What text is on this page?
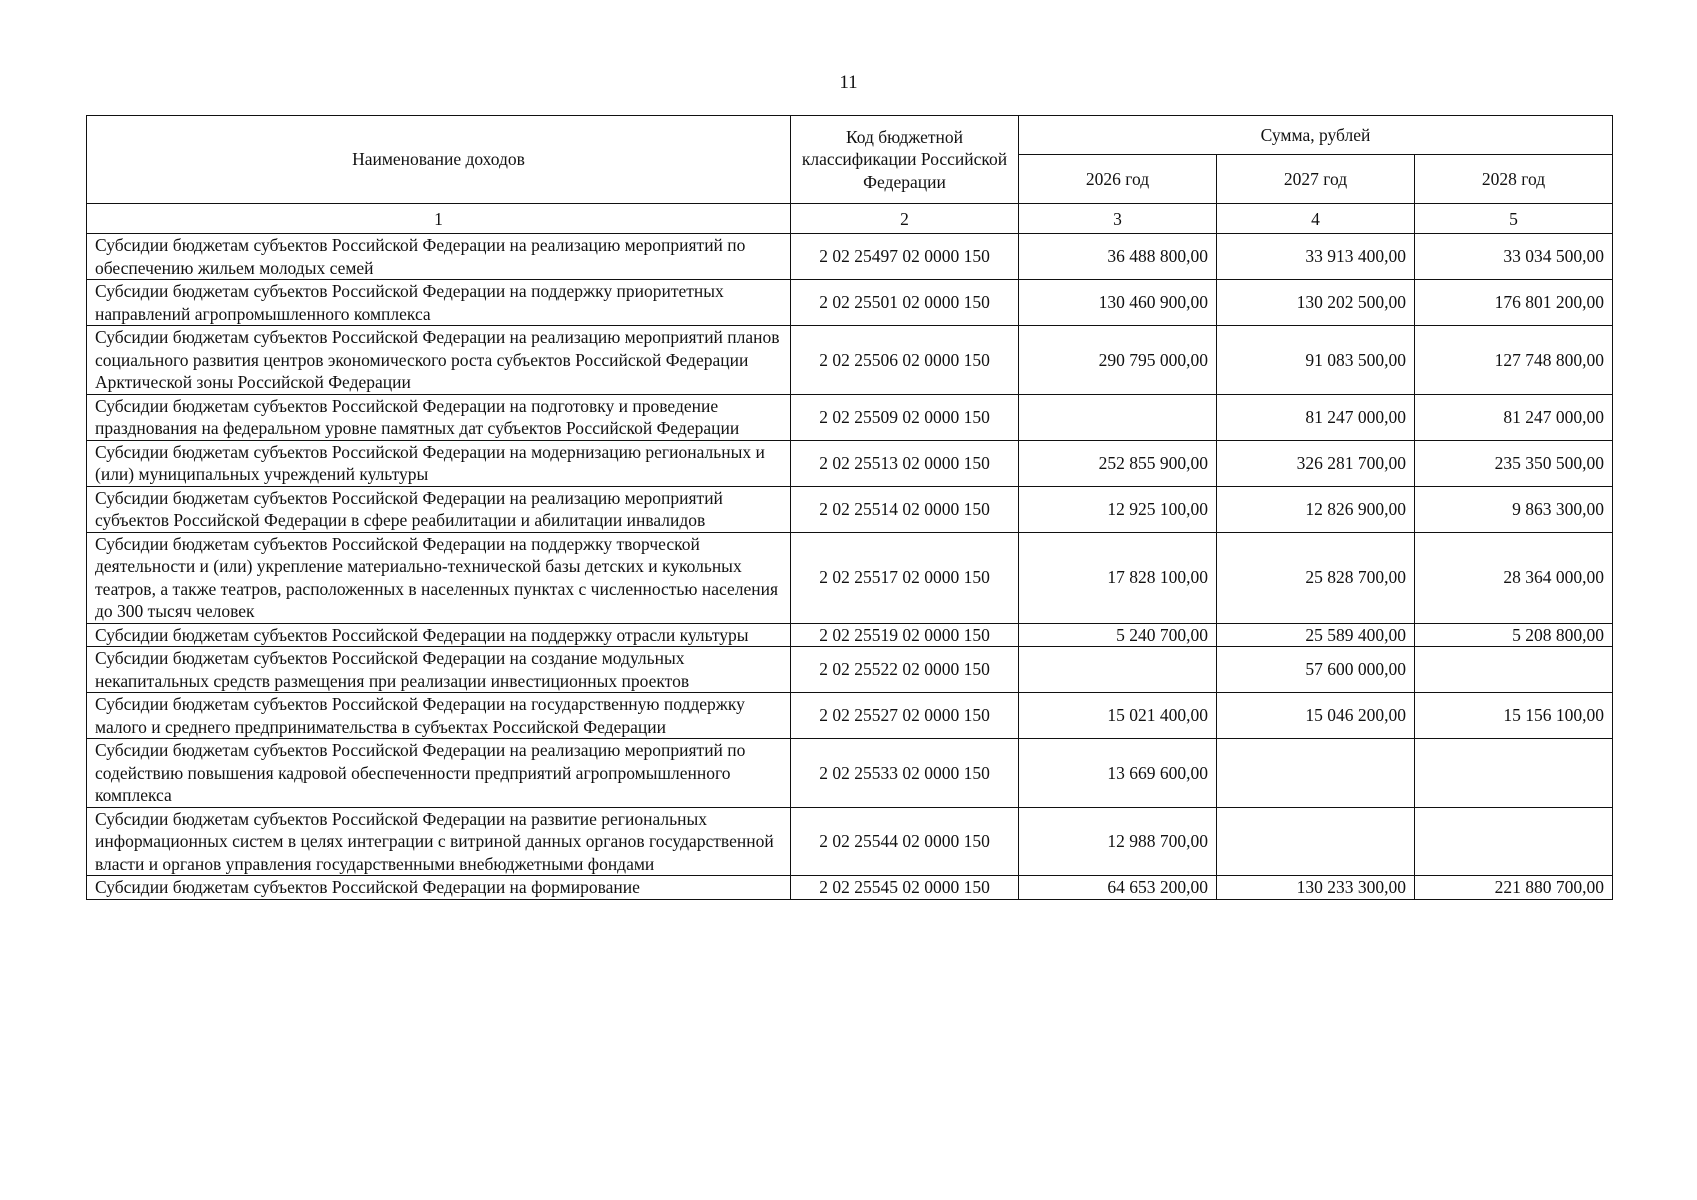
11
Наименование доходов	Код бюджетной классификации Российской Федерации	Сумма, рублей		
		2026 год	2027 год	2028 год
1	2	3	4	5
Субсидии бюджетам субъектов Российской Федерации на реализацию мероприятий по обеспечению жильем молодых семей	2 02 25497 02 0000 150	36 488 800,00	33 913 400,00	33 034 500,00
Субсидии бюджетам субъектов Российской Федерации на поддержку приоритетных направлений агропромышленного комплекса	2 02 25501 02 0000 150	130 460 900,00	130 202 500,00	176 801 200,00
Субсидии бюджетам субъектов Российской Федерации на реализацию мероприятий планов социального развития центров экономического роста субъектов Российской Федерации Арктической зоны Российской Федерации	2 02 25506 02 0000 150	290 795 000,00	91 083 500,00	127 748 800,00
Субсидии бюджетам субъектов Российской Федерации на подготовку и проведение празднования на федеральном уровне памятных дат субъектов Российской Федерации	2 02 25509 02 0000 150		81 247 000,00	81 247 000,00
Субсидии бюджетам субъектов Российской Федерации на модернизацию региональных и (или) муниципальных учреждений культуры	2 02 25513 02 0000 150	252 855 900,00	326 281 700,00	235 350 500,00
Субсидии бюджетам субъектов Российской Федерации на реализацию мероприятий субъектов Российской Федерации в сфере реабилитации и абилитации инвалидов	2 02 25514 02 0000 150	12 925 100,00	12 826 900,00	9 863 300,00
Субсидии бюджетам субъектов Российской Федерации на поддержку творческой деятельности и (или) укрепление материально-технической базы детских и кукольных театров, а также театров, расположенных в населенных пунктах с численностью населения до 300 тысяч человек	2 02 25517 02 0000 150	17 828 100,00	25 828 700,00	28 364 000,00
Субсидии бюджетам субъектов Российской Федерации на поддержку отрасли культуры	2 02 25519 02 0000 150	5 240 700,00	25 589 400,00	5 208 800,00
Субсидии бюджетам субъектов Российской Федерации на создание модульных некапитальных средств размещения при реализации инвестиционных проектов	2 02 25522 02 0000 150		57 600 000,00	
Субсидии бюджетам субъектов Российской Федерации на государственную поддержку малого и среднего предпринимательства в субъектах Российской Федерации	2 02 25527 02 0000 150	15 021 400,00	15 046 200,00	15 156 100,00
Субсидии бюджетам субъектов Российской Федерации на реализацию мероприятий по содействию повышения кадровой обеспеченности предприятий агропромышленного комплекса	2 02 25533 02 0000 150	13 669 600,00		
Субсидии бюджетам субъектов Российской Федерации на развитие региональных информационных систем в целях интеграции с витриной данных органов государственной власти и органов управления государственными внебюджетными фондами	2 02 25544 02 0000 150	12 988 700,00		
Субсидии бюджетам субъектов Российской Федерации на формирование	2 02 25545 02 0000 150	64 653 200,00	130 233 300,00	221 880 700,00
